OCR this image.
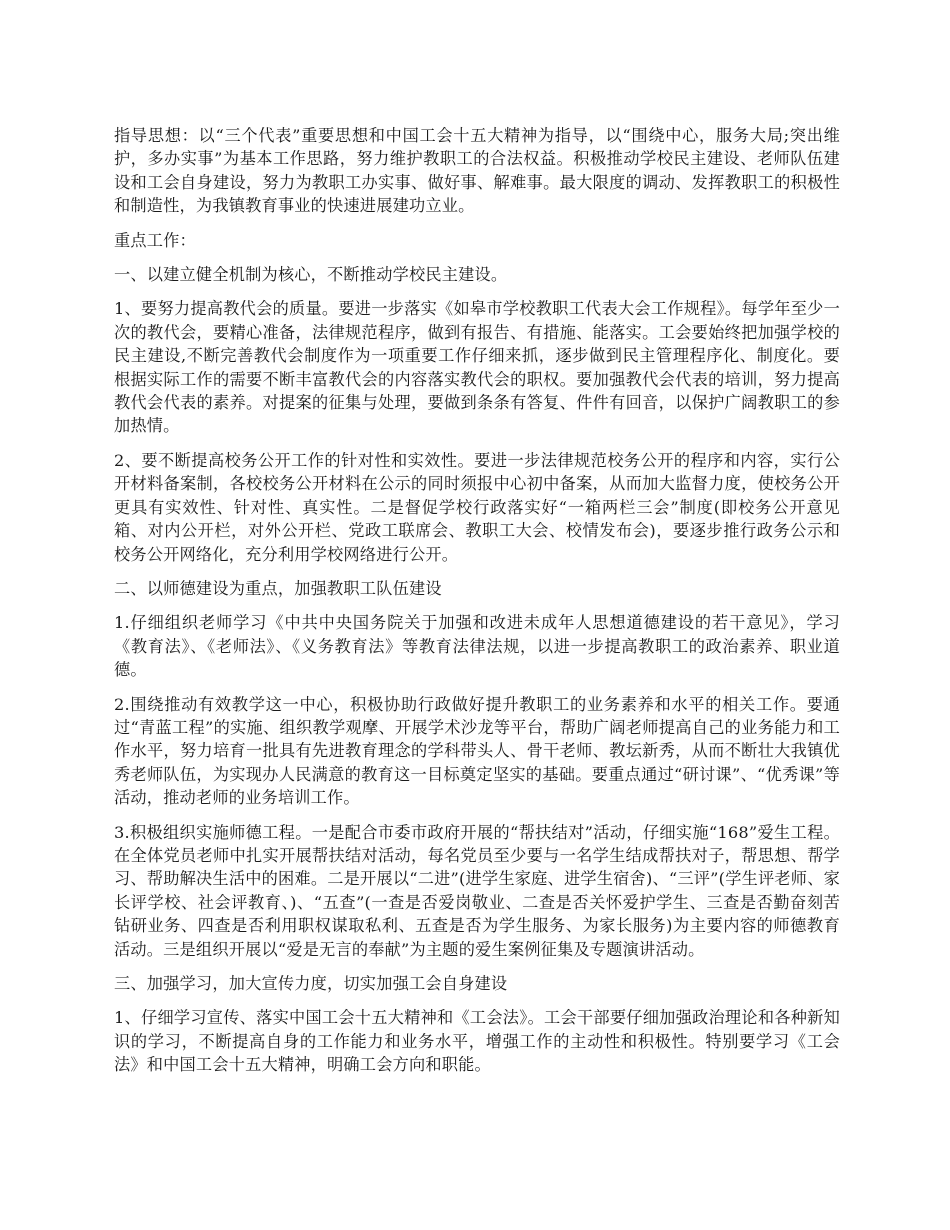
指导思想：以“三个代表”重要思想和中国工会十五大精神为指导，以“围绕中心，服务大局;突出维护，多办实事”为基本工作思路，努力维护教职工的合法权益。积极推动学校民主建设、老师队伍建设和工会自身建设，努力为教职工办实事、做好事、解难事。最大限度的调动、发挥教职工的积极性和制造性，为我镇教育事业的快速进展建功立业。

重点工作：

一、以建立健全机制为核心，不断推动学校民主建设。

1、要努力提高教代会的质量。要进一步落实《如皋市学校教职工代表大会工作规程》。每学年至少一次的教代会，要精心准备，法律规范程序，做到有报告、有措施、能落实。工会要始终把加强学校的民主建设,不断完善教代会制度作为一项重要工作仔细来抓，逐步做到民主管理程序化、制度化。要根据实际工作的需要不断丰富教代会的内容落实教代会的职权。要加强教代会代表的培训，努力提高教代会代表的素养。对提案的征集与处理，要做到条条有答复、件件有回音，以保护广阔教职工的参加热情。

2、要不断提高校务公开工作的针对性和实效性。要进一步法律规范校务公开的程序和内容，实行公开材料备案制，各校校务公开材料在公示的同时须报中心初中备案，从而加大监督力度，使校务公开更具有实效性、针对性、真实性。二是督促学校行政落实好“一箱两栏三会”制度(即校务公开意见箱、对内公开栏，对外公开栏、党政工联席会、教职工大会、校情发布会)，要逐步推行政务公示和校务公开网络化，充分利用学校网络进行公开。

二、以师德建设为重点，加强教职工队伍建设

1.仔细组织老师学习《中共中央国务院关于加强和改进未成年人思想道德建设的若干意见》，学习《教育法》、《老师法》、《义务教育法》等教育法律法规，以进一步提高教职工的政治素养、职业道德。

2.围绕推动有效教学这一中心，积极协助行政做好提升教职工的业务素养和水平的相关工作。要通过“青蓝工程”的实施、组织教学观摩、开展学术沙龙等平台，帮助广阔老师提高自己的业务能力和工作水平，努力培育一批具有先进教育理念的学科带头人、骨干老师、教坛新秀，从而不断壮大我镇优秀老师队伍，为实现办人民满意的教育这一目标奠定坚实的基础。要重点通过“研讨课”、“优秀课”等活动，推动老师的业务培训工作。

3.积极组织实施师德工程。一是配合市委市政府开展的“帮扶结对”活动，仔细实施“168”爱生工程。在全体党员老师中扎实开展帮扶结对活动，每名党员至少要与一名学生结成帮扶对子，帮思想、帮学习、帮助解决生活中的困难。二是开展以“二进”(进学生家庭、进学生宿舍)、“三评”(学生评老师、家长评学校、社会评教育、)、“五查”(一查是否爱岗敬业、二查是否关怀爱护学生、三查是否勤奋刻苦钻研业务、四查是否利用职权谋取私利、五查是否为学生服务、为家长服务)为主要内容的师德教育活动。三是组织开展以“爱是无言的奉献”为主题的爱生案例征集及专题演讲活动。

三、加强学习，加大宣传力度，切实加强工会自身建设

1、仔细学习宣传、落实中国工会十五大精神和《工会法》。工会干部要仔细加强政治理论和各种新知识的学习，不断提高自身的工作能力和业务水平，增强工作的主动性和积极性。特别要学习《工会法》和中国工会十五大精神，明确工会方向和职能。
